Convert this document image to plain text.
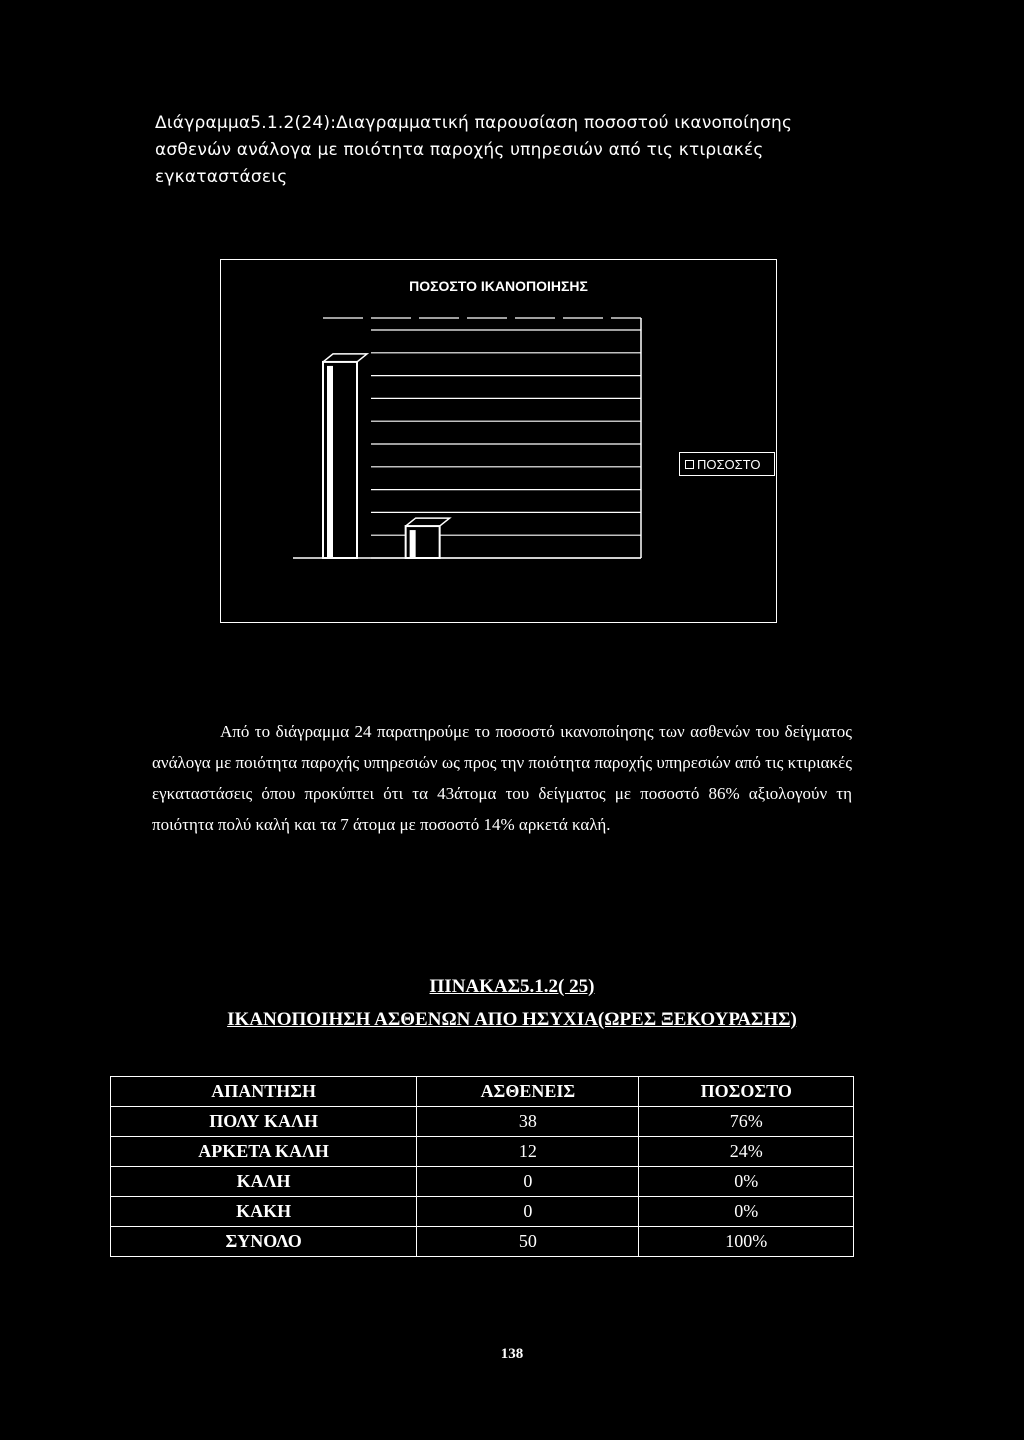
Διάγραμμα5.1.2(24):Διαγραμματική παρουσίαση ποσοστού ικανοποίησης ασθενών ανάλογα με ποιότητα παροχής υπηρεσιών από τις κτιριακές εγκαταστάσεις
ΠΟΣΟΣΤΟ ΙΚΑΝΟΠΟΙΗΣΗΣ
ΠΟΣΟΣΤΟ

Από το διάγραμμα 24 παρατηρούμε το ποσοστό ικανοποίησης των ασθενών του δείγματος ανάλογα με ποιότητα παροχής υπηρεσιών ως προς την ποιότητα παροχής υπηρεσιών από τις κτιριακές εγκαταστάσεις όπου προκύπτει ότι τα 43άτομα του δείγματος με ποσοστό 86% αξιολογούν τη ποιότητα πολύ καλή και τα 7 άτομα με ποσοστό 14% αρκετά καλή.

ΠΙΝΑΚΑΣ5.1.2( 25)
ΙΚΑΝΟΠΟΙΗΣΗ ΑΣΘΕΝΩΝ ΑΠΟ ΗΣΥΧΙΑ(ΩΡΕΣ ΞΕΚΟΥΡΑΣΗΣ)
ΑΠΑΝΤΗΣΗ	ΑΣΘΕΝΕΙΣ	ΠΟΣΟΣΤΟ
ΠΟΛΥ ΚΑΛΗ	38	76%
ΑΡΚΕΤΑ ΚΑΛΗ	12	24%
ΚΑΛΗ	0	0%
ΚΑΚΗ	0	0%
ΣΥΝΟΛΟ	50	100%
138
